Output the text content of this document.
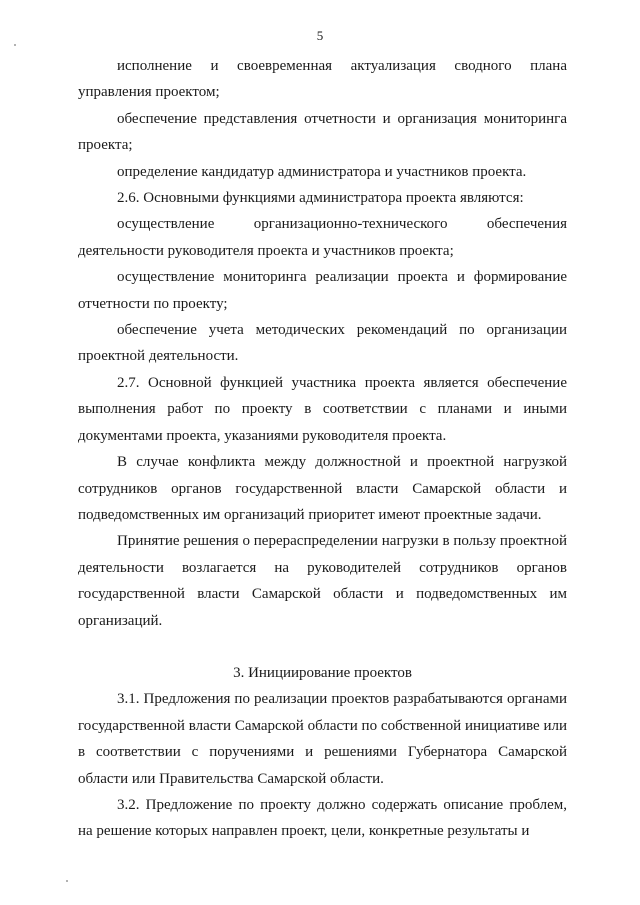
5

исполнение и своевременная актуализация сводного плана управления проектом;

обеспечение представления отчетности и организация мониторинга проекта;

определение кандидатур администратора и участников проекта.

2.6. Основными функциями администратора проекта являются:

осуществление организационно-технического обеспечения деятельности руководителя проекта и участников проекта;

осуществление мониторинга реализации проекта и формирование отчетности по проекту;

обеспечение учета методических рекомендаций по организации проектной деятельности.

2.7. Основной функцией участника проекта является обеспечение выполнения работ по проекту в соответствии с планами и иными документами проекта, указаниями руководителя проекта.

В случае конфликта между должностной и проектной нагрузкой сотрудников органов государственной власти Самарской области и подведомственных им организаций приоритет имеют проектные задачи.

Принятие решения о перераспределении нагрузки в пользу проектной деятельности возлагается на руководителей сотрудников органов государственной власти Самарской области и подведомственных им организаций.

3. Инициирование проектов

3.1. Предложения по реализации проектов разрабатываются органами государственной власти Самарской области по собственной инициативе или в соответствии с поручениями и решениями Губернатора Самарской области или Правительства Самарской области.

3.2. Предложение по проекту должно содержать описание проблем, на решение которых направлен проект, цели, конкретные результаты и
